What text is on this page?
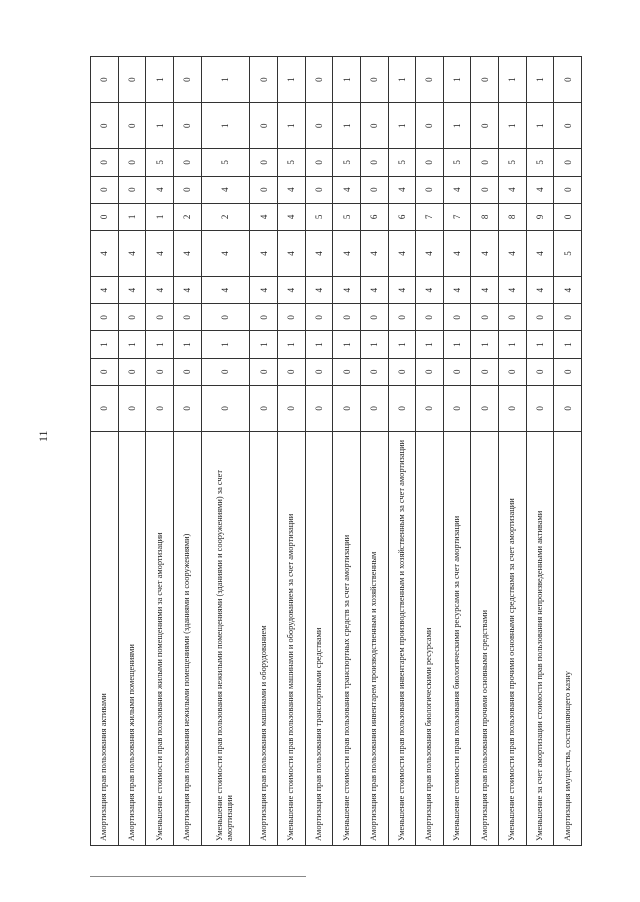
11
Амортизация прав пользования активами	0	0	1	0	4	4	0	0	0	0	0
Амортизация прав пользования жилыми помещениями	0	0	1	0	4	4	1	0	0	0	0
Уменьшение стоимости прав пользования жилыми помещениями за счет амортизации	0	0	1	0	4	4	1	4	5	1	1
Амортизация прав пользования нежилыми помещениями (зданиями и сооружениями)	0	0	1	0	4	4	2	0	0	0	0
Уменьшение стоимости прав пользования нежилыми помещениями (зданиями и сооружениями) за счет амортизации	0	0	1	0	4	4	2	4	5	1	1
Амортизация прав пользования машинами и оборудованием	0	0	1	0	4	4	4	0	0	0	0
Уменьшение стоимости прав пользования машинами и оборудованием за счет амортизации	0	0	1	0	4	4	4	4	5	1	1
Амортизация прав пользования транспортными средствами	0	0	1	0	4	4	5	0	0	0	0
Уменьшение стоимости прав пользования транспортных средств за счет амортизации	0	0	1	0	4	4	5	4	5	1	1
Амортизация прав пользования инвентарем производственным и хозяйственным	0	0	1	0	4	4	6	0	0	0	0
Уменьшение стоимости прав пользования инвентарем производственным и хозяйственным за счет амортизации	0	0	1	0	4	4	6	4	5	1	1
Амортизация прав пользования биологическими ресурсами	0	0	1	0	4	4	7	0	0	0	0
Уменьшение стоимости прав пользования биологическими ресурсами за счет амортизации	0	0	1	0	4	4	7	4	5	1	1
Амортизация прав пользования прочими основными средствами	0	0	1	0	4	4	8	0	0	0	0
Уменьшение стоимости прав пользования прочими основными средствами за счет амортизации	0	0	1	0	4	4	8	4	5	1	1
Уменьшение за счет амортизации стоимости прав пользования непроизведенными активами	0	0	1	0	4	4	9	4	5	1	1
Амортизация имущества, составляющего казну	0	0	1	0	4	5	0	0	0	0	0
